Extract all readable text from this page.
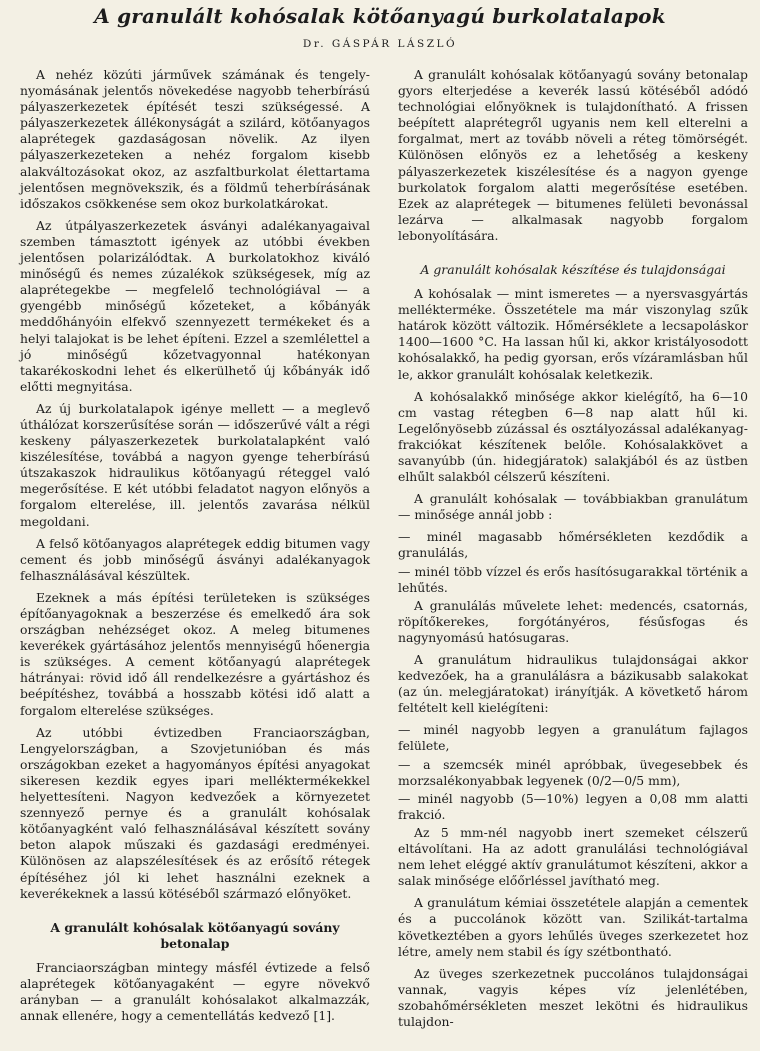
A granulált kohósalak kötőanyagú burkolatalapok
Dr. GÁSPÁR LÁSZLÓ

A nehéz közúti járművek számának és tengely-nyomásának jelentős növekedése nagyobb teherbírású pályaszerkezetek építését teszi szükségessé. A pályaszerkezetek állékonyságát a szilárd, kötőanyagos alaprétegek gazdaságosan növelik. Az ilyen pályaszerkezeteken a nehéz forgalom kisebb alakváltozásokat okoz, az aszfaltburkolat élettartama jelentősen megnövekszik, és a földmű teherbírásának időszakos csökkenése sem okoz burkolatkárokat.

Az útpályaszerkezetek ásványi adalékanyagaival szemben támasztott igények az utóbbi években jelentősen polarizálódtak. A burkolatokhoz kiváló minőségű és nemes zúzalékok szükségesek, míg az alaprétegekbe — megfelelő technológiával — a gyengébb minőségű kőzeteket, a kőbányák meddőhányóin elfekvő szennyezett termékeket és a helyi talajokat is be lehet építeni. Ezzel a szemlélettel a jó minőségű kőzetvagyonnal hatékonyan takarékoskodni lehet és elkerülhető új kőbányák idő előtti megnyitása.

Az új burkolatalapok igénye mellett — a meglevő úthálózat korszerűsítése során — időszerűvé vált a régi keskeny pályaszerkezetek burkolatalapként való kiszélesítése, továbbá a nagyon gyenge teherbírású útszakaszok hidraulikus kötőanyagú réteggel való megerősítése. E két utóbbi feladatot nagyon előnyös a forgalom elterelése, ill. jelentős zavarása nélkül megoldani.

A felső kötőanyagos alaprétegek eddig bitumen vagy cement és jobb minőségű ásványi adalékanyagok felhasználásával készültek.

Ezeknek a más építési területeken is szükséges építőanyagoknak a beszerzése és emelkedő ára sok országban nehézséget okoz. A meleg bitumenes keverékek gyártásához jelentős mennyiségű hőenergia is szükséges. A cement kötőanyagú alaprétegek hátrányai: rövid idő áll rendelkezésre a gyártáshoz és beépítéshez, továbbá a hosszabb kötési idő alatt a forgalom elterelése szükséges.

Az utóbbi évtizedben Franciaországban, Lengyelországban, a Szovjetunióban és más országokban ezeket a hagyományos építési anyagokat sikeresen kezdik egyes ipari melléktermékekkel helyettesíteni. Nagyon kedvezőek a környezetet szennyező pernye és a granulált kohósalak kötőanyagként való felhasználásával készített sovány beton alapok műszaki és gazdasági eredményei. Különösen az alapszélesítések és az erősítő rétegek építéséhez jól ki lehet használni ezeknek a keverékeknek a lassú kötéséből származó előnyöket.

A granulált kohósalak kötőanyagú sovány betonalap

Franciaországban mintegy másfél évtizede a felső alaprétegek kötőanyagaként — egyre növekvő arányban — a granulált kohósalakot alkalmazzák, annak ellenére, hogy a cementellátás kedvező [1].

A granulált kohósalak kötőanyagú sovány betonalap gyors elterjedése a keverék lassú kötéséből adódó technológiai előnyöknek is tulajdonítható. A frissen beépített alaprétegről ugyanis nem kell elterelni a forgalmat, mert az tovább növeli a réteg tömörségét. Különösen előnyös ez a lehetőség a keskeny pályaszerkezetek kiszélesítése és a nagyon gyenge burkolatok forgalom alatti megerősítése esetében. Ezek az alaprétegek — bitumenes felületi bevonással lezárva — alkalmasak nagyobb forgalom lebonyolítására.

A granulált kohósalak készítése és tulajdonságai

A kohósalak — mint ismeretes — a nyersvasgyártás mellékterméke. Összetétele ma már viszonylag szűk határok között változik. Hőmérséklete a lecsapoláskor 1400—1600 °C. Ha lassan hűl ki, akkor kristályosodott kohósalakkő, ha pedig gyorsan, erős vízáramlásban hűl le, akkor granulált kohósalak keletkezik.

A kohósalakkő minősége akkor kielégítő, ha 6—10 cm vastag rétegben 6—8 nap alatt hűl ki. Legelőnyösebb zúzással és osztályozással adalékanyag-frakciókat készítenek belőle. Kohósalakkövet a savanyúbb (ún. hidegjáratok) salakjából és az üstben elhűlt salakból célszerű készíteni.

A granulált kohósalak — továbbiakban granulátum — minősége annál jobb :

— minél magasabb hőmérsékleten kezdődik a granulálás,

— minél több vízzel és erős hasítósugarakkal történik a lehűtés.

A granulálás művelete lehet: medencés, csatornás, röpítőkerekes, forgótányéros, fésűsfogas és nagynyomású hatósugaras.

A granulátum hidraulikus tulajdonságai akkor kedvezőek, ha a granulálásra a bázikusabb salakokat (az ún. melegjáratokat) irányítják. A követkető három feltételt kell kielégíteni:

— minél nagyobb legyen a granulátum fajlagos felülete,

— a szemcsék minél apróbbak, üvegesebbek és morzsalékonyabbak legyenek (0/2—0/5 mm),

— minél nagyobb (5—10%) legyen a 0,08 mm alatti frakció.

Az 5 mm-nél nagyobb inert szemeket célszerű eltávolítani. Ha az adott granulálási technológiával nem lehet eléggé aktív granulátumot készíteni, akkor a salak minősége előőrléssel javítható meg.

A granulátum kémiai összetétele alapján a cementek és a puccolánok között van. Szilikát-tartalma következtében a gyors lehűlés üveges szerkezetet hoz létre, amely nem stabil és így szétbontható.

Az üveges szerkezetnek puccolános tulajdonságai vannak, vagyis képes víz jelenlétében, szobahőmérsékleten meszet lekötni és hidraulikus tulajdon-
